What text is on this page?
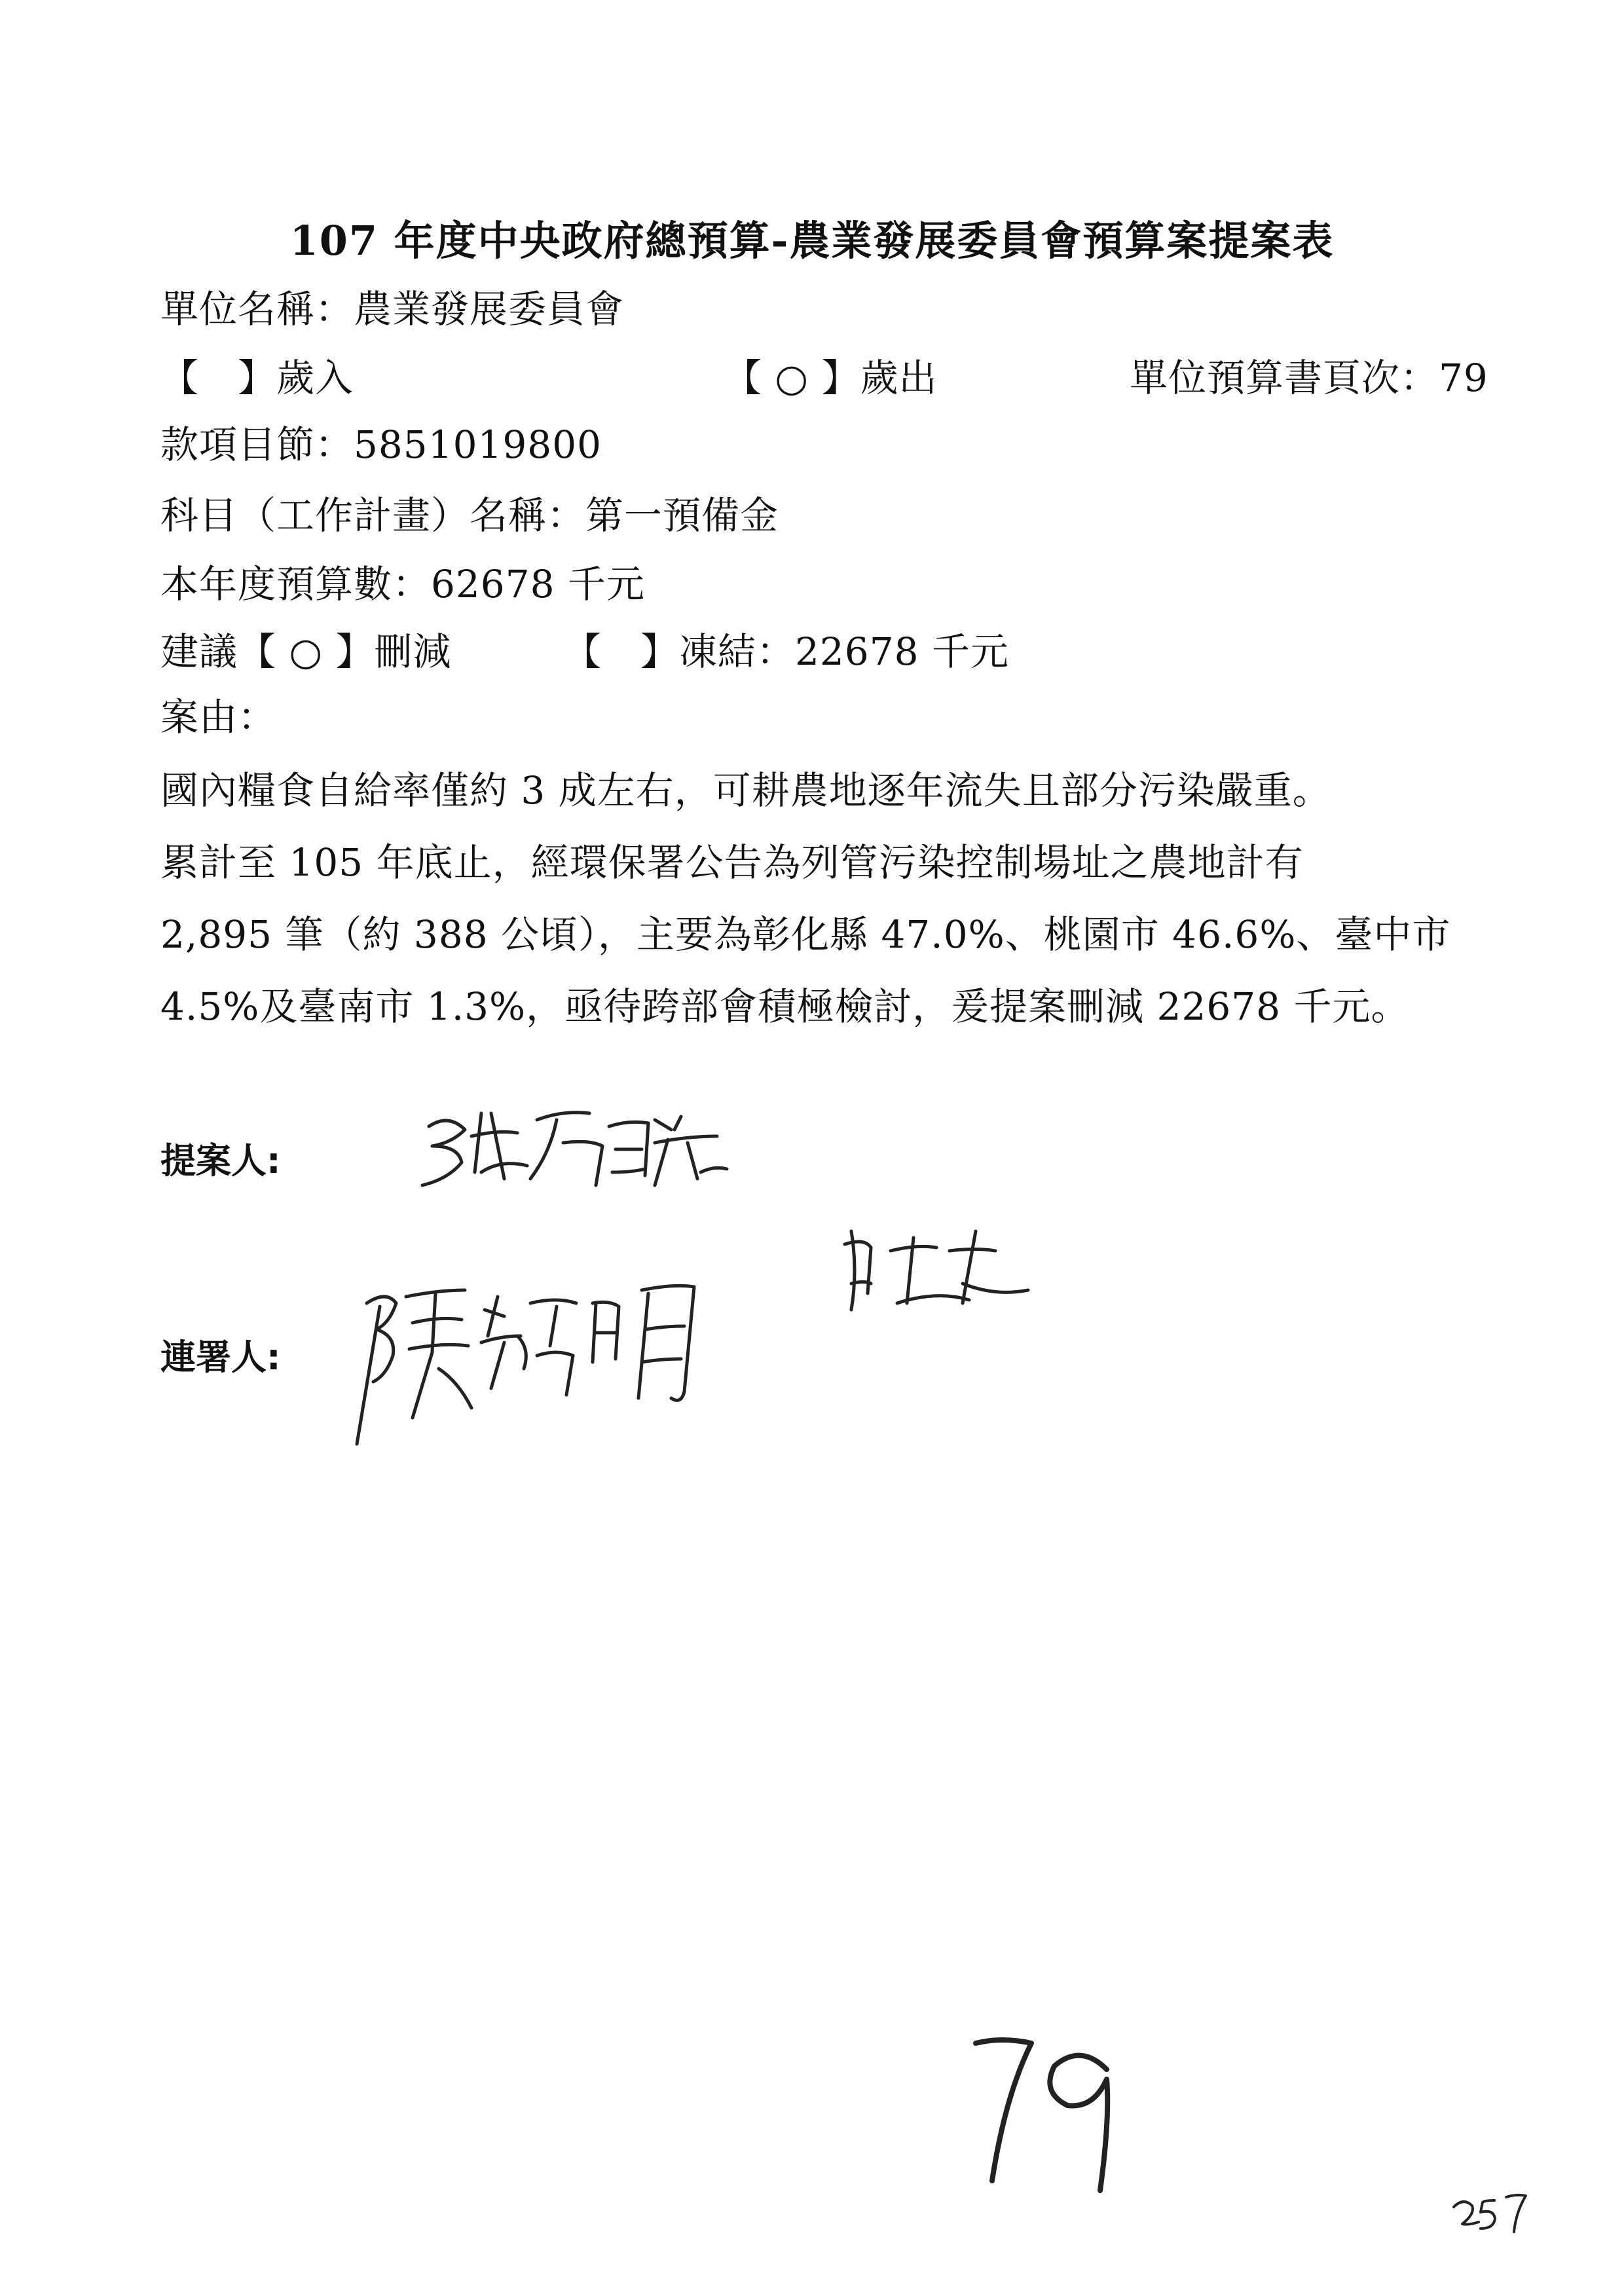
107 年度中央政府總預算-農業發展委員會預算案提案表
單位名稱：農業發展委員會
【　】歲入	【 ○ 】歲出	單位預算書頁次：79
款項目節：5851019800
科目（工作計畫）名稱：第一預備金
本年度預算數：62678 千元
建議【 ○ 】刪減	【　】凍結：22678 千元
案由：
國內糧食自給率僅約 3 成左右，可耕農地逐年流失且部分污染嚴重。
累計至 105 年底止，經環保署公告為列管污染控制場址之農地計有
2,895 筆（約 388 公頃），主要為彰化縣 47.0%、桃園市 46.6%、臺中市
4.5%及臺南市 1.3%，亟待跨部會積極檢討，爰提案刪減 22678 千元。
提案人:
連署人:
